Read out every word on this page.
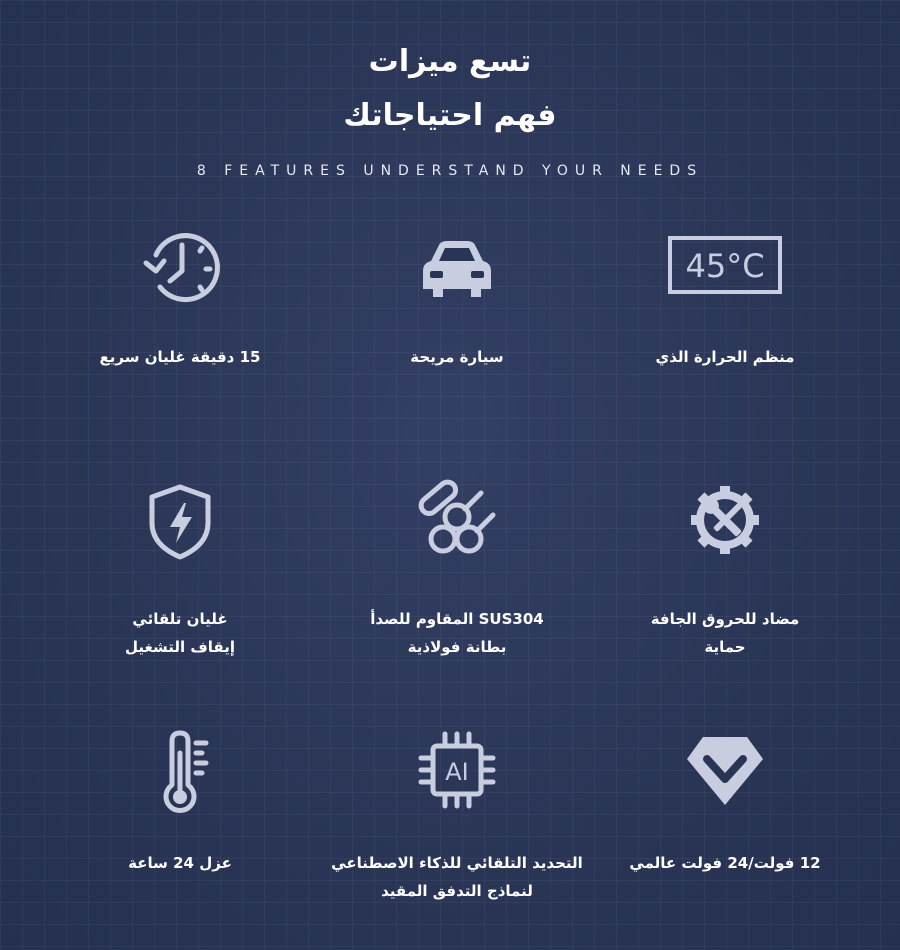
تسع ميزات
فهم احتياجاتك
8 FEATURES UNDERSTAND YOUR NEEDS
15 دقيقة غليان سريع	سيارة مريحة
45°C
منظم الحرارة الذي
غليان تلقائي
إيقاف التشغيل
SUS304 المقاوم للصدأ
بطانة فولاذية
مضاد للحروق الجافة
حماية
عزل 24 ساعة
AI
التحديد التلقائي للذكاء الاصطناعي
لنماذج التدفق المقيد
12 فولت/24 فولت عالمي
